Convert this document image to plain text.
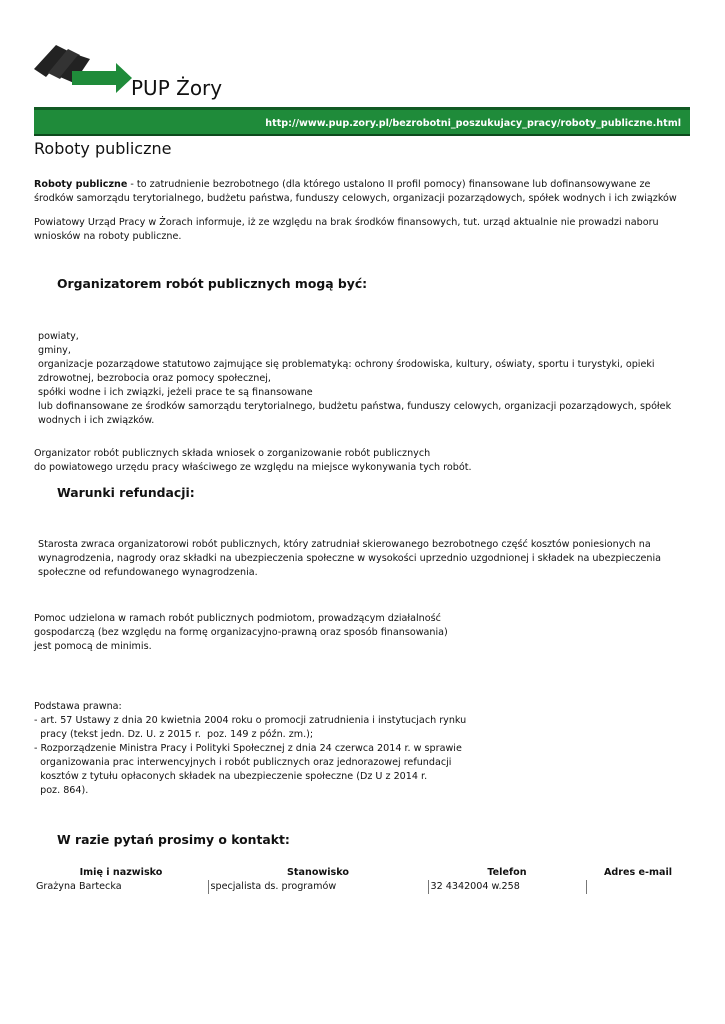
PUP Żory
http://www.pup.zory.pl/bezrobotni_poszukujacy_pracy/roboty_publiczne.html
Roboty publiczne

Roboty publiczne - to zatrudnienie bezrobotnego (dla którego ustalono II profil pomocy) finansowane lub dofinansowywane ze środków samorządu terytorialnego, budżetu państwa, funduszy celowych, organizacji pozarządowych, spółek wodnych i ich związków

Powiatowy Urząd Pracy w Żorach informuje, iż ze względu na brak środków finansowych, tut. urząd aktualnie nie prowadzi naboru wniosków na roboty publiczne.

Organizatorem robót publicznych mogą być:
powiaty,
gminy,
organizacje pozarządowe statutowo zajmujące się problematyką: ochrony środowiska, kultury, oświaty, sportu i turystyki, opieki zdrowotnej, bezrobocia oraz pomocy społecznej,
spółki wodne i ich związki, jeżeli prace te są finansowane
lub dofinansowane ze środków samorządu terytorialnego, budżetu państwa, funduszy celowych, organizacji pozarządowych, spółek wodnych i ich związków.
Organizator robót publicznych składa wniosek o zorganizowanie robót publicznych
do powiatowego urzędu pracy właściwego ze względu na miejsce wykonywania tych robót.
Warunki refundacji:

Starosta zwraca organizatorowi robót publicznych, który zatrudniał skierowanego bezrobotnego część kosztów poniesionych na wynagrodzenia, nagrody oraz składki na ubezpieczenia społeczne w wysokości uprzednio uzgodnionej i składek na ubezpieczenia społeczne od refundowanego wynagrodzenia.

Pomoc udzielona w ramach robót publicznych podmiotom, prowadzącym działalność
gospodarczą (bez względu na formę organizacyjno-prawną oraz sposób finansowania)
jest pomocą de minimis.
Podstawa prawna:
- art. 57 Ustawy z dnia 20 kwietnia 2004 roku o promocji zatrudnienia i instytucjach rynku
pracy (tekst jedn. Dz. U. z 2015 r.  poz. 149 z późn. zm.);
- Rozporządzenie Ministra Pracy i Polityki Społecznej z dnia 24 czerwca 2014 r. w sprawie
organizowania prac interwencyjnych i robót publicznych oraz jednorazowej refundacji
kosztów z tytułu opłaconych składek na ubezpieczenie społeczne (Dz U z 2014 r.
poz. 864).
W razie pytań prosimy o kontakt:
Imię i nazwisko	Stanowisko	Telefon	Adres e-mail
Grażyna Bartecka	specjalista ds. programów	32 4342004 w.258	
